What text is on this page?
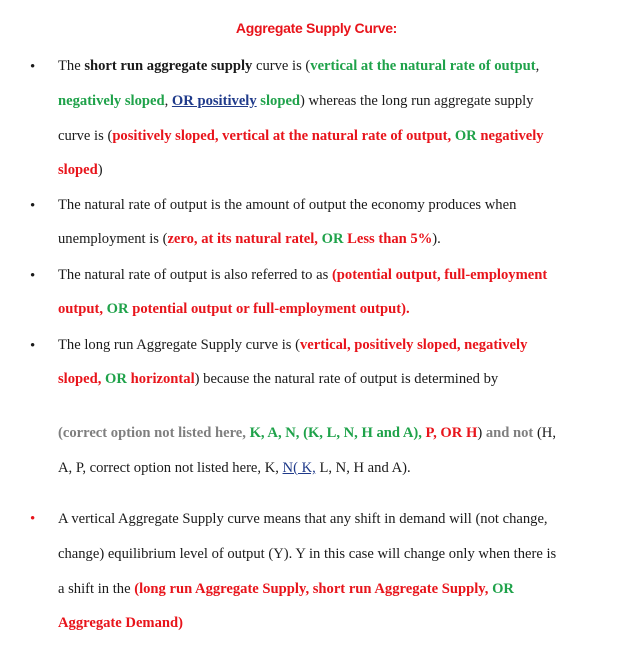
Aggregate Supply Curve:
•	The short run aggregate supply curve is (vertical at the natural rate of output,
negatively sloped, OR positively sloped) whereas the long run aggregate supply
curve is (positively sloped, vertical at the natural rate of output, OR negatively
sloped)
•	The natural rate of output is the amount of output the economy produces when
unemployment is (zero, at its natural ratel, OR Less than 5%).
•	The natural rate of output is also referred to as (potential output, full-employment
output, OR potential output or full-employment output).
•	The long run Aggregate Supply curve is (vertical, positively sloped, negatively
sloped, OR horizontal) because the natural rate of output is determined by
(correct option not listed here, K, A, N, (K, L, N, H and A), P, OR H) and not (H,
A, P, correct option not listed here, K, N( K, L, N, H and A).
•	A vertical Aggregate Supply curve means that any shift in demand will (not change,
change) equilibrium level of output (Y). Y in this case will change only when there is
a shift in the (long run Aggregate Supply, short run Aggregate Supply, OR
Aggregate Demand)
